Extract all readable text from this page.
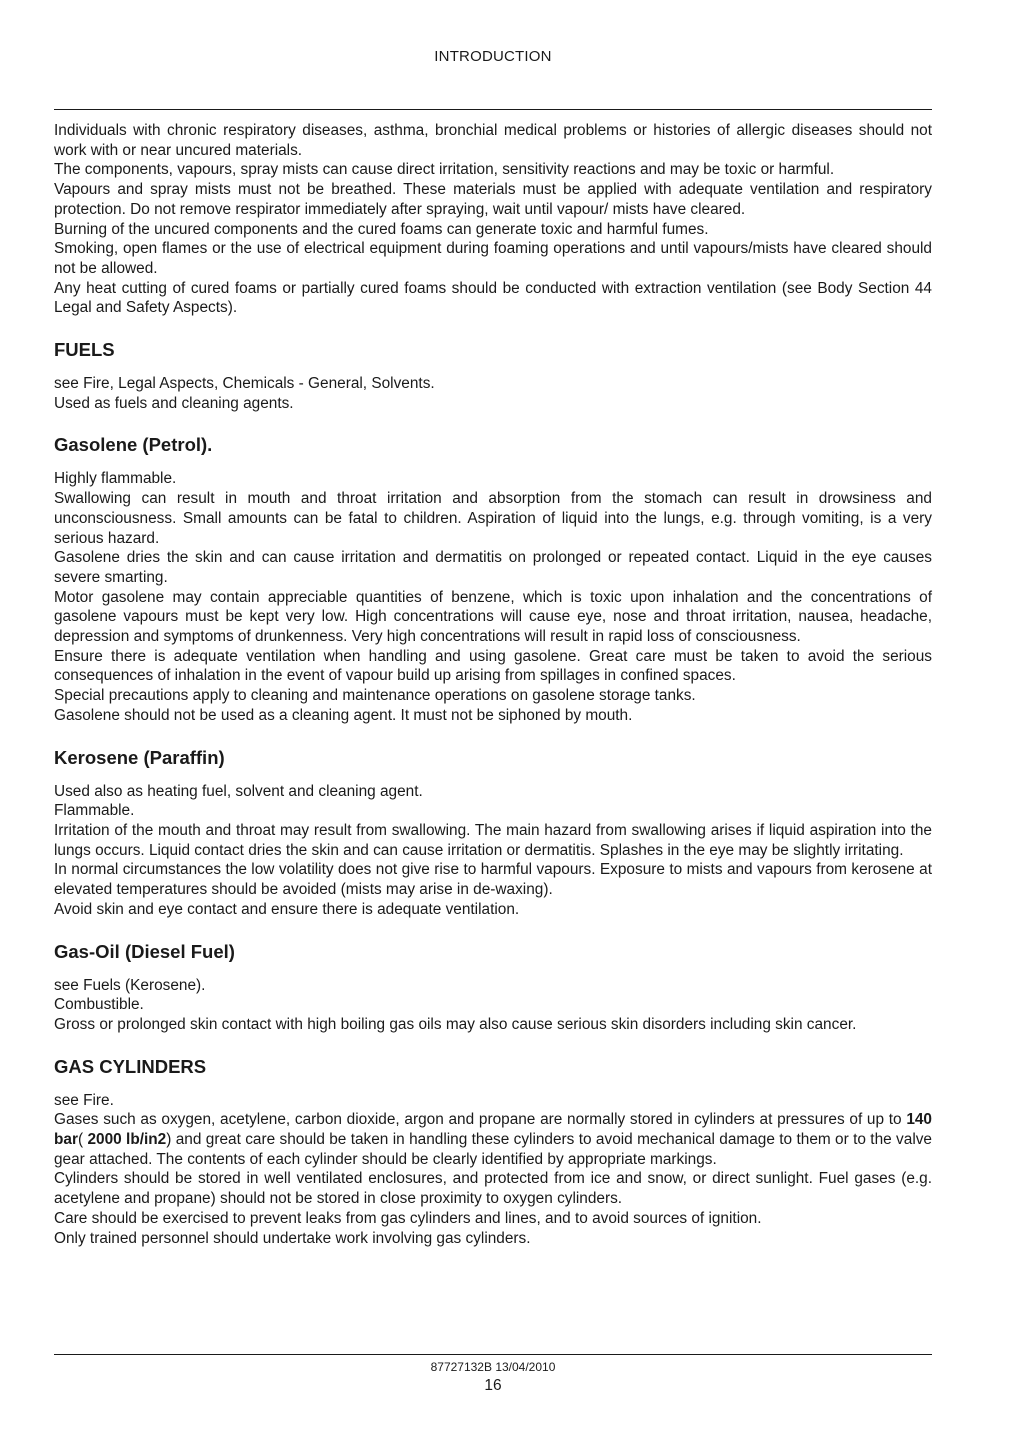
INTRODUCTION
Individuals with chronic respiratory diseases, asthma, bronchial medical problems or histories of allergic diseases should not work with or near uncured materials.
The components, vapours, spray mists can cause direct irritation, sensitivity reactions and may be toxic or harmful.
Vapours and spray mists must not be breathed. These materials must be applied with adequate ventilation and respiratory protection. Do not remove respirator immediately after spraying, wait until vapour/ mists have cleared.
Burning of the uncured components and the cured foams can generate toxic and harmful fumes.
Smoking, open flames or the use of electrical equipment during foaming operations and until vapours/mists have cleared should not be allowed.
Any heat cutting of cured foams or partially cured foams should be conducted with extraction ventilation (see Body Section 44 Legal and Safety Aspects).
FUELS
see Fire, Legal Aspects, Chemicals - General, Solvents.
Used as fuels and cleaning agents.
Gasolene (Petrol).
Highly flammable.
Swallowing can result in mouth and throat irritation and absorption from the stomach can result in drowsiness and unconsciousness. Small amounts can be fatal to children. Aspiration of liquid into the lungs, e.g. through vomiting, is a very serious hazard.
Gasolene dries the skin and can cause irritation and dermatitis on prolonged or repeated contact. Liquid in the eye causes severe smarting.
Motor gasolene may contain appreciable quantities of benzene, which is toxic upon inhalation and the concentrations of gasolene vapours must be kept very low. High concentrations will cause eye, nose and throat irritation, nausea, headache, depression and symptoms of drunkenness. Very high concentrations will result in rapid loss of consciousness.
Ensure there is adequate ventilation when handling and using gasolene. Great care must be taken to avoid the serious consequences of inhalation in the event of vapour build up arising from spillages in confined spaces.
Special precautions apply to cleaning and maintenance operations on gasolene storage tanks.
Gasolene should not be used as a cleaning agent. It must not be siphoned by mouth.
Kerosene (Paraffin)
Used also as heating fuel, solvent and cleaning agent.
Flammable.
Irritation of the mouth and throat may result from swallowing. The main hazard from swallowing arises if liquid aspiration into the lungs occurs. Liquid contact dries the skin and can cause irritation or dermatitis. Splashes in the eye may be slightly irritating.
In normal circumstances the low volatility does not give rise to harmful vapours. Exposure to mists and vapours from kerosene at elevated temperatures should be avoided (mists may arise in de-waxing).
Avoid skin and eye contact and ensure there is adequate ventilation.
Gas-Oil (Diesel Fuel)
see Fuels (Kerosene).
Combustible.
Gross or prolonged skin contact with high boiling gas oils may also cause serious skin disorders including skin cancer.
GAS CYLINDERS
see Fire.
Gases such as oxygen, acetylene, carbon dioxide, argon and propane are normally stored in cylinders at pressures of up to 140 bar( 2000 lb/in2) and great care should be taken in handling these cylinders to avoid mechanical damage to them or to the valve gear attached. The contents of each cylinder should be clearly identified by appropriate markings.
Cylinders should be stored in well ventilated enclosures, and protected from ice and snow, or direct sunlight. Fuel gases (e.g. acetylene and propane) should not be stored in close proximity to oxygen cylinders.
Care should be exercised to prevent leaks from gas cylinders and lines, and to avoid sources of ignition.
Only trained personnel should undertake work involving gas cylinders.
87727132B 13/04/2010
16
